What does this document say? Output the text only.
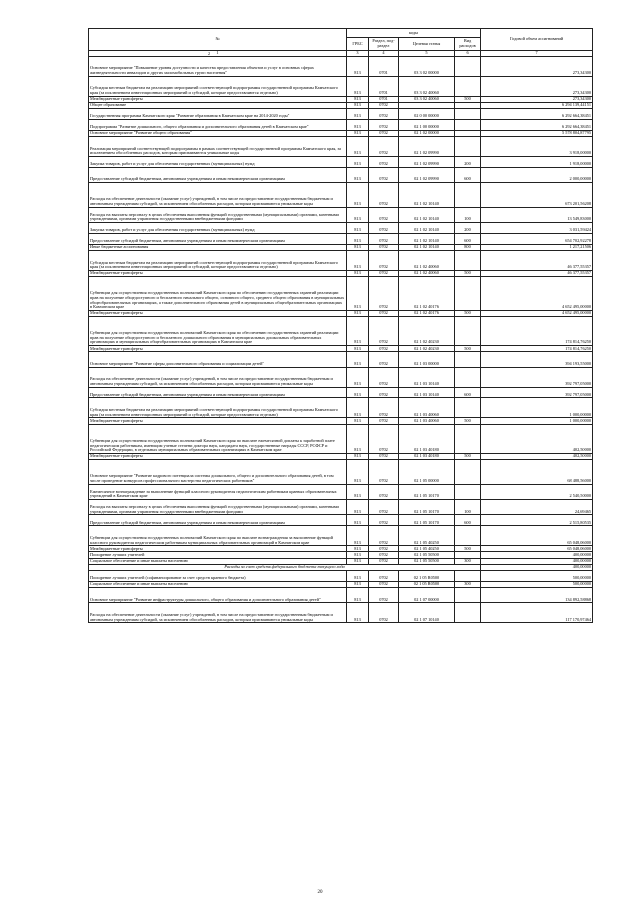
№	коды				Годовой объем ассигнований
	ГРБС	Раздел, под-раздел	Целевая статья	Вид расходов	
1	3	4	5	6	7
Основное мероприятие "Повышение уровня доступности и качества предоставления объектов и услуг в основных сферах жизнедеятельности инвалидов и других маломобильных групп населения"	813	0701	03 3 02 00000		273,34300
Субсидия местным бюджетам на реализацию мероприятий соответствующей подпрограммы государственной программы Камчатского края (за исключением инвестиционных мероприятий и субсидий, которые предоставляются отдельно)	813	0701	03 3 02 40060		273,34300
Межбюджетные трансферты	813	0701	03 3 02 40060	500	273,34300
Общее образование	813	0702			6 294 139,44151
Государственная программа Камчатского края "Развитие образования в Камчатском крае на 2014-2020 годы"	813	0702	02 0 00 00000		6 292 664,38451
Подпрограмма "Развитие дошкольного, общего образования и дополнительного образования детей в Камчатском крае"	813	0702	02 1 00 00000		6 292 664,38451
Основное мероприятие "Развитие общего образования"	813	0702	02 1 02 00000		5 578 804,87795
Реализация мероприятий соответствующей подпрограммы в рамках соответствующей государственной программы Камчатского края, за исключением обособленных расходов, которым присваиваются уникальные коды	813	0702	02 1 02 09990		3 918,00000
Закупка товаров, работ и услуг для обеспечения государственных (муниципальных) нужд	813	0702	02 1 02 09990	200	1 918,00000
Предоставление субсидий бюджетным, автономным учреждениям и иным некоммерческим организациям	813	0702	02 1 02 09990	600	2 000,00000
Расходы на обеспечение деятельности (оказание услуг) учреждений, в том числе на предоставление государственным бюджетным и автономным учреждениям субсидий, за исключением обособленных расходов, которым присваиваются уникальные коды	813	0702	02 1 02 10140		673 201,56208
Расходы на выплаты персоналу в целях обеспечения выполнения функций государственными (муниципальными) органами, казенными учреждениями, органами управления государственными внебюджетными фондами	813	0702	02 1 02 10140	100	13 549,83000
Закупка товаров, работ и услуг для обеспечения государственных (муниципальных) нужд	813	0702	02 1 02 10140	200	3 031,59424
Предоставление субсидий бюджетным, автономным учреждениям и иным некоммерческим организациям	813	0702	02 1 02 10140	600	654 702,92278
Иные бюджетные ассигнования	813	0702	02 1 02 10140	800	1 217,21506
Субсидия местным бюджетам на реализацию мероприятий соответствующей подпрограммы государственной программы Камчатского края (за исключением инвестиционных мероприятий и субсидий, которые предоставляются отдельно)	813	0702	02 1 02 40060		46 377,55357
Межбюджетные трансферты	813	0702	02 1 02 40060	500	46 377,55357
Субвенции для осуществления государственных полномочий Камчатского края по обеспечению государственных гарантий реализации прав на получение общедоступного и бесплатного начального общего, основного общего, среднего общего образования в муниципальных общеобразовательных организациях, а также дополнительного образования детей в муниципальных общеобразовательных организациях в Камчатском крае	813	0702	02 1 02 40176		4 652 495,00000
Межбюджетные трансферты	813	0702	02 1 02 40176	500	4 652 495,00000
Субвенции для осуществления государственных полномочий Камчатского края по обеспечению государственных гарантий реализации прав на получение общедоступного и бесплатного дошкольного образования в муниципальных дошкольных образовательных организациях и муниципальных общеобразовательных организациях в Камчатском крае	813	0702	02 1 02 40230		174 814,76250
Межбюджетные трансферты	813	0702	02 1 02 40230	500	174 814,76250
Основное мероприятие "Развитие сферы дополнительного образования и социализации детей"	813	0702	02 1 03 00000		394 193,55000
Расходы на обеспечение деятельности (оказание услуг) учреждений, в том числе на предоставление государственным бюджетным и автономным учреждениям субсидий, за исключением обособленных расходов, которым присваиваются уникальные коды	813	0702	02 1 03 10140		392 797,05000
Предоставление субсидий бюджетным, автономным учреждениям и иным некоммерческим организациям	813	0702	02 1 03 10140	600	392 797,05000
Субсидия местным бюджетам на реализацию мероприятий соответствующей подпрограммы государственной программы Камчатского края (за исключением инвестиционных мероприятий и субсидий, которые предоставляются отдельно)	813	0702	02 1 03 40060		1 000,00000
Межбюджетные трансферты	813	0702	02 1 03 40060	500	1 000,00000
Субвенции для осуществления государственных полномочий Камчатского края по выплате ежемесячной доплаты к заработной плате педагогическим работникам, имеющим ученые степени доктора наук, кандидата наук, государственные награды СССР, РСФСР и Российской Федерации, в отдельных муниципальных образовательных организациях в Камчатском крае	813	0702	02 1 03 40180		402,50000
Межбюджетные трансферты	813	0702	02 1 03 40180	500	402,50000
Основное мероприятие "Развитие кадрового потенциала системы дошкольного, общего и дополнительного образования детей, в том числе проведение конкурсов профессионального мастерства педагогических работников"	813	0702	02 1 05 00000		68 488,56000
Ежемесячное вознаграждение за выполнение функций классного руководителя педагогическим работникам краевых образовательных учреждений в Камчатском крае	813	0702	02 1 05 10170		2 540,50000
Расходы на выплаты персоналу в целях обеспечения выполнения функций государственными (муниципальными) органами, казенными учреждениями, органами управления государственными внебюджетными фондами	813	0702	02 1 05 10170	100	24,69465
Предоставление субсидий бюджетным, автономным учреждениям и иным некоммерческим организациям	813	0702	02 1 05 10170	600	2 515,80535
Субвенции для осуществления государственных полномочий Камчатского края по выплате вознаграждения за выполнение функций классного руководителя педагогическим работникам муниципальных образовательных организаций в Камчатском крае	813	0702	02 1 05 40250		65 048,06000
Межбюджетные трансферты	813	0702	02 1 05 40250	500	65 048,06000
Поощрение лучших учителей	813	0702	02 1 05 50500		400,00000
Социальное обеспечение и иные выплаты населению	813	0702	02 1 05 50500	300	400,00000
Расходы за счет средств федерального бюджета текущего года					400,00000
Поощрение лучших учителей (софинансирование за счет средств краевого бюджета)	813	0702	02 1 05 R0500		500,00000
Социальное обеспечение и иные выплаты населению	813	0702	02 1 05 R0500	300	500,00000
Основное мероприятие "Развитие инфраструктуры дошкольного, общего образования и дополнительного образования детей"	813	0702	02 1 07 00000		134 892,58868
Расходы на обеспечение деятельности (оказание услуг) учреждений, в том числе на предоставление государственным бюджетным и автономным учреждениям субсидий, за исключением обособленных расходов, которым присваиваются уникальные коды	813	0702	02 1 07 10140		117 170,97464
2
20
